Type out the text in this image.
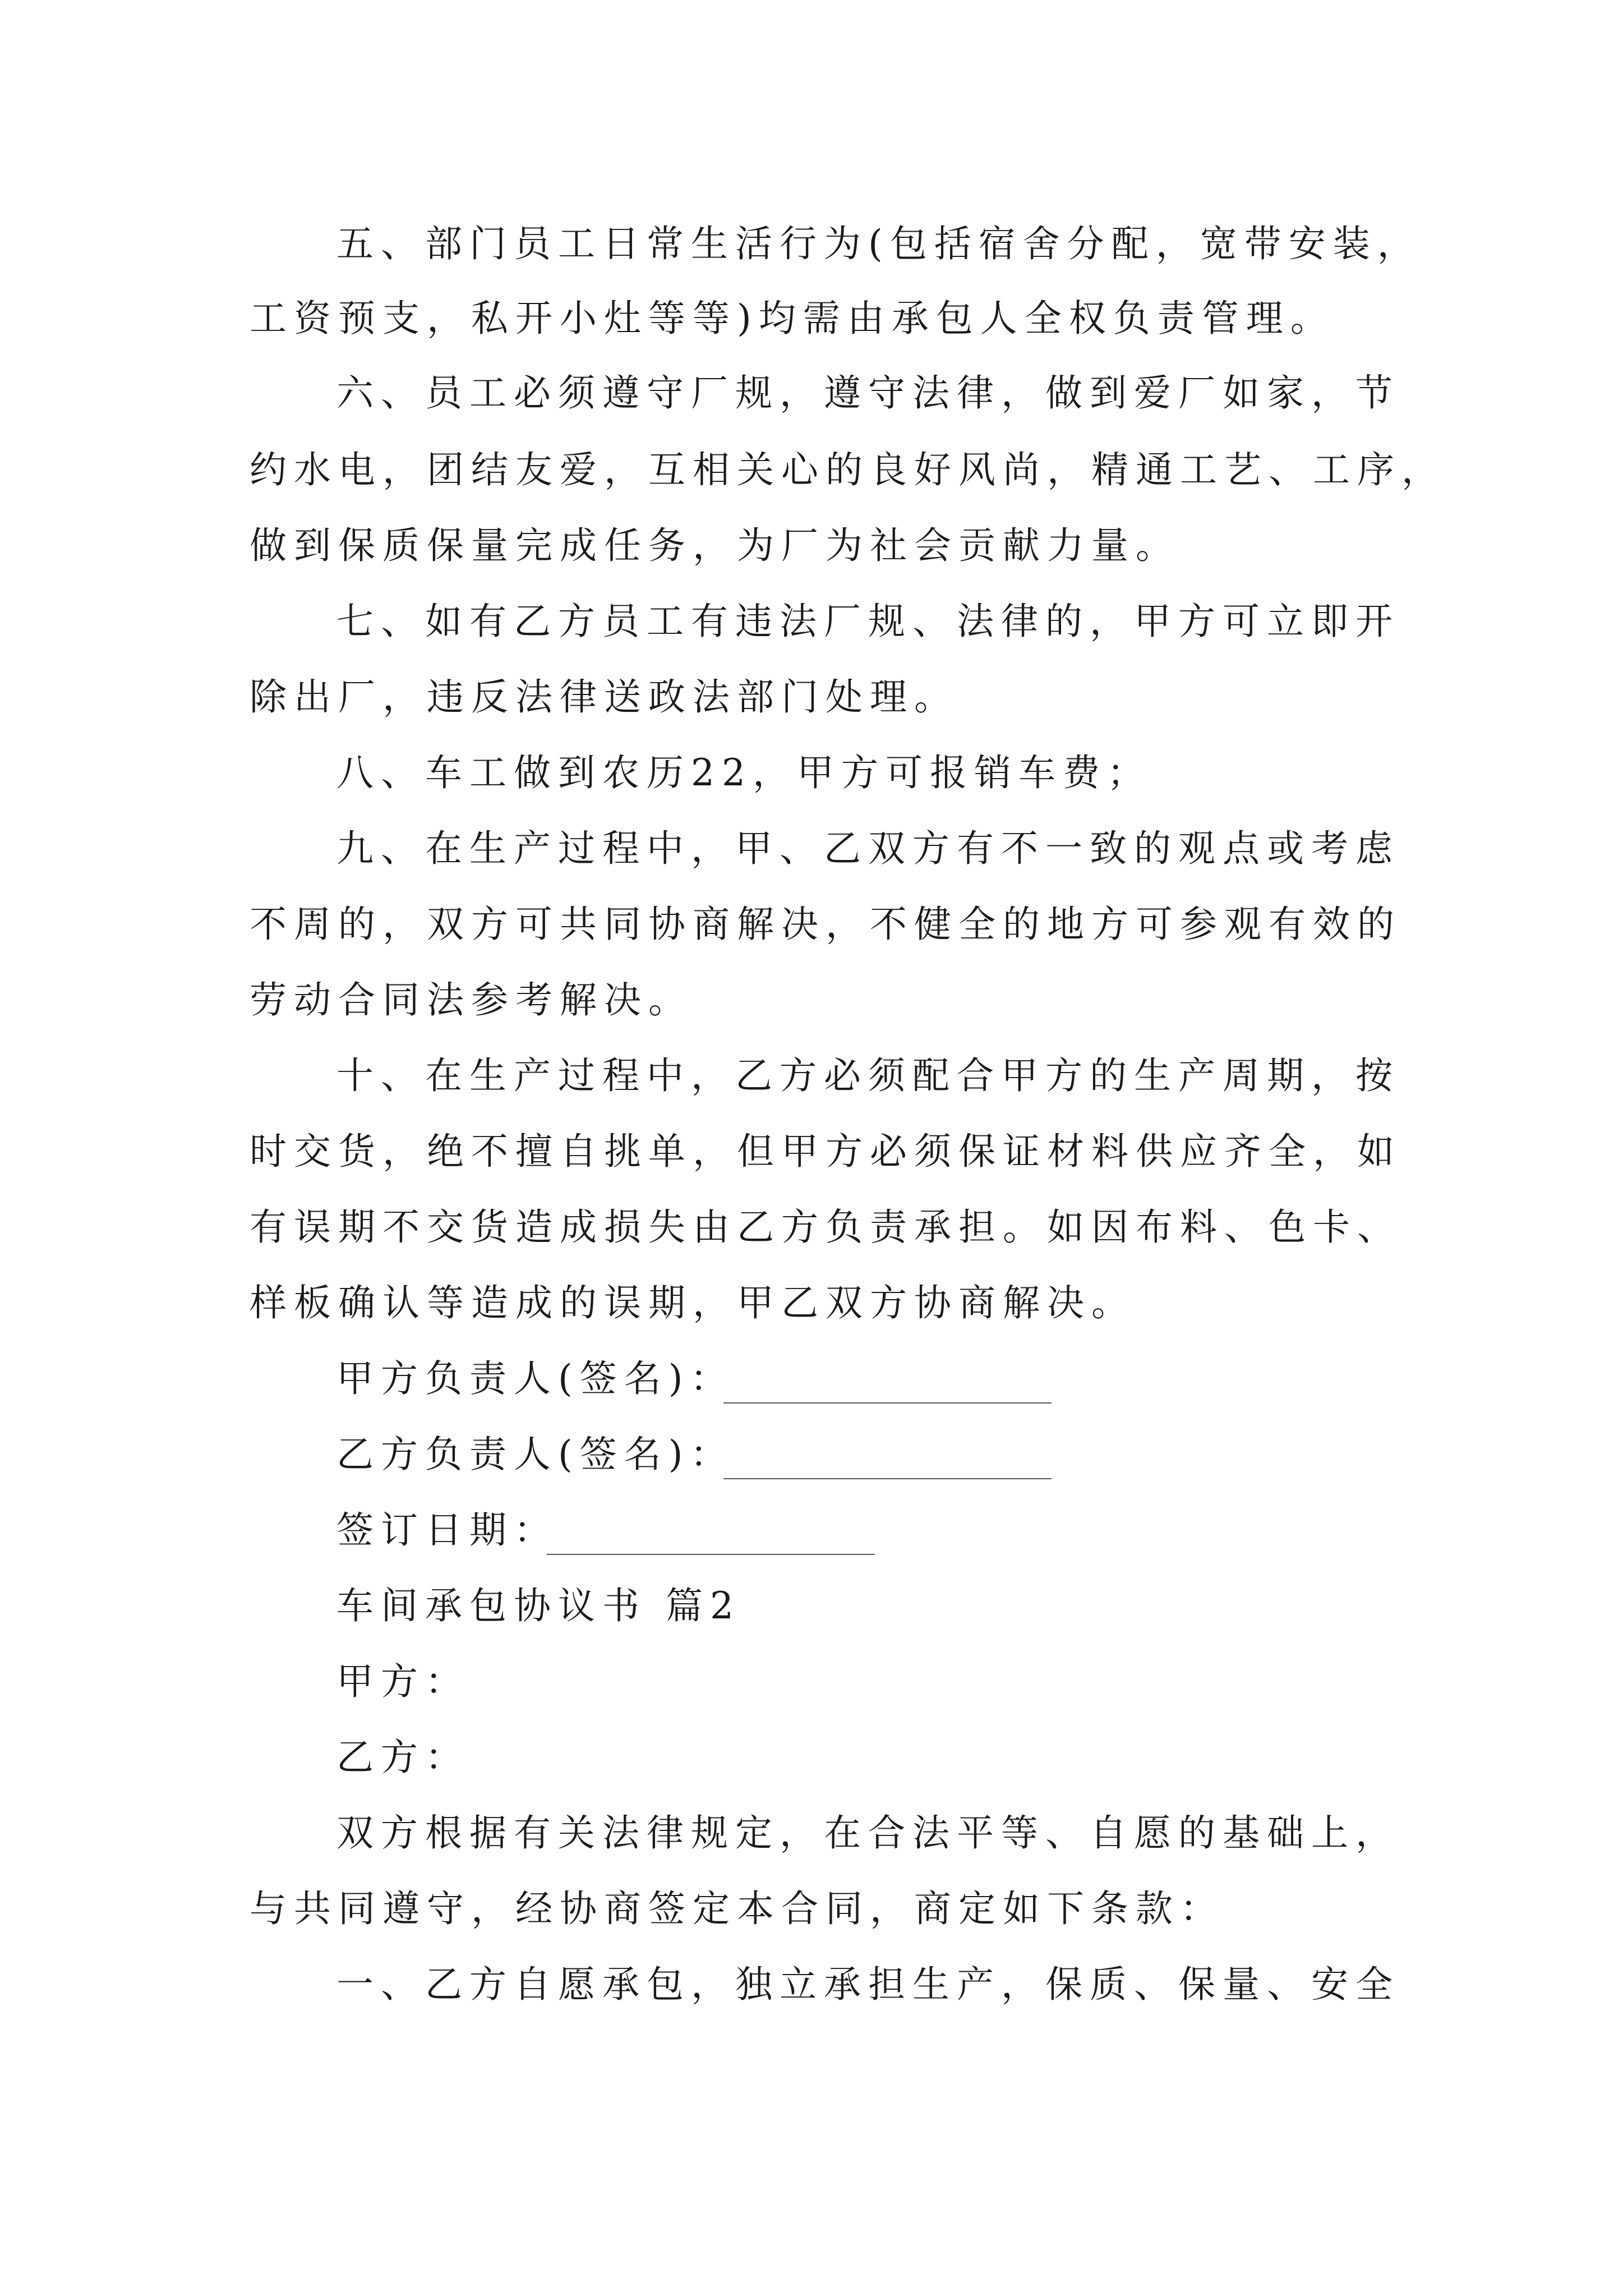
五、部门员工日常生活行为(包括宿舍分配，宽带安装，
工资预支，私开小灶等等)均需由承包人全权负责管理。
六、员工必须遵守厂规，遵守法律，做到爱厂如家，节
约水电，团结友爱，互相关心的良好风尚，精通工艺、工序，
做到保质保量完成任务，为厂为社会贡献力量。
七、如有乙方员工有违法厂规、法律的，甲方可立即开
除出厂，违反法律送政法部门处理。
八、车工做到农历22，甲方可报销车费；
九、在生产过程中，甲、乙双方有不一致的观点或考虑
不周的，双方可共同协商解决，不健全的地方可参观有效的
劳动合同法参考解决。
十、在生产过程中，乙方必须配合甲方的生产周期，按
时交货，绝不擅自挑单，但甲方必须保证材料供应齐全，如
有误期不交货造成损失由乙方负责承担。如因布料、色卡、
样板确认等造成的误期，甲乙双方协商解决。
甲方负责人(签名)：
乙方负责人(签名)：
签订日期：
车间承包协议书 篇2
甲方：
乙方：
双方根据有关法律规定，在合法平等、自愿的基础上，
与共同遵守，经协商签定本合同，商定如下条款：
一、乙方自愿承包，独立承担生产，保质、保量、安全
